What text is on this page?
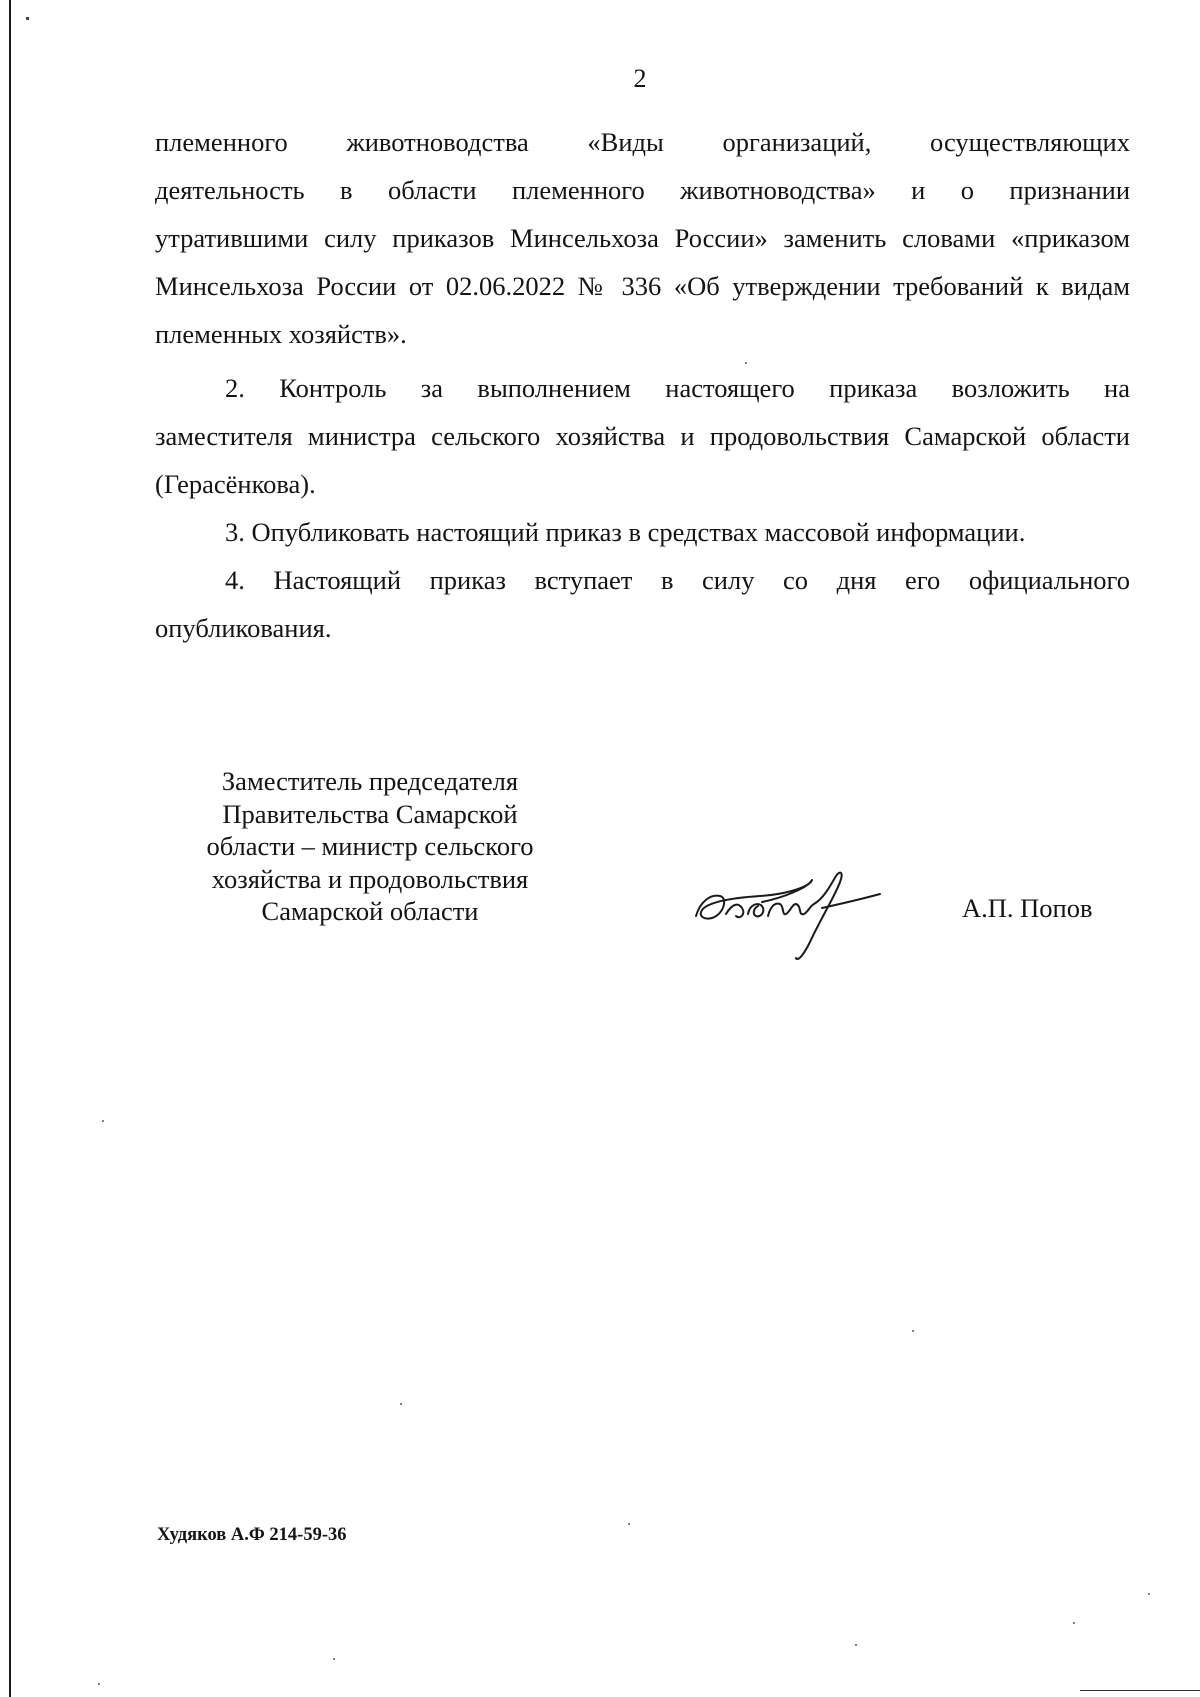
2

племенного животноводства «Виды организаций, осуществляющих

деятельность в области племенного животноводства» и о признании

утратившими силу приказов Минсельхоза России» заменить словами «приказом

Минсельхоза России от 02.06.2022 № 336 «Об утверждении требований к видам

племенных хозяйств».

2. Контроль за выполнением настоящего приказа возложить на

заместителя министра сельского хозяйства и продовольствия Самарской области

(Герасёнкова).

3. Опубликовать настоящий приказ в средствах массовой информации.

4. Настоящий приказ вступает в силу со дня его официального

опубликования.

Заместитель председателя
Правительства Самарской
области – министр сельского
хозяйства и продовольствия
Самарской области	А.П. Попов
Худяков А.Ф 214-59-36
